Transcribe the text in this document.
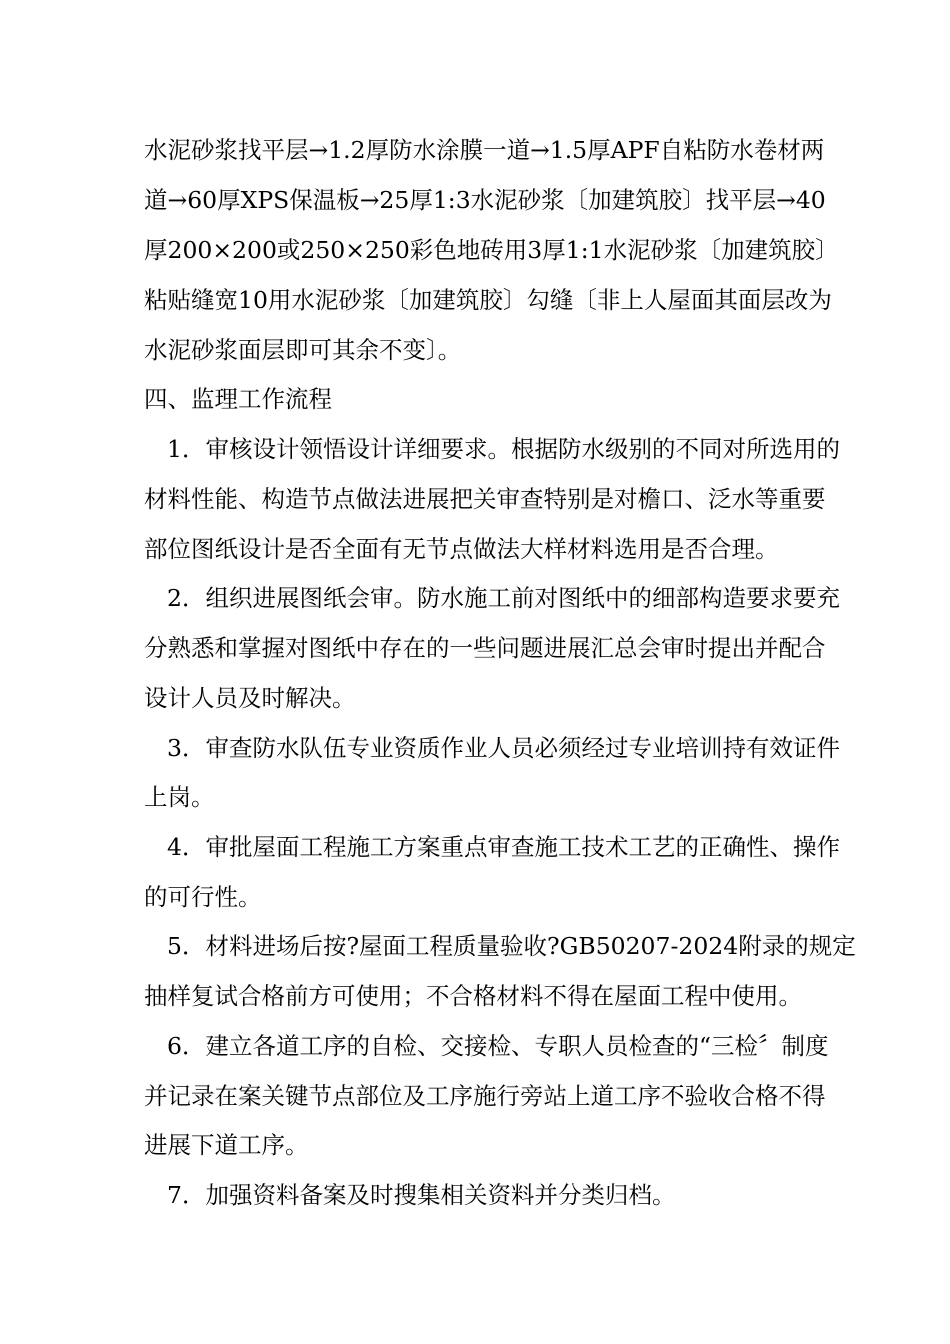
水泥砂浆找平层→1.2厚防水涂膜一道→1.5厚APF自粘防水卷材两
道→60厚XPS保温板→25厚1:3水泥砂浆〔加建筑胶〕找平层→40
厚200×200或250×250彩色地砖用3厚1:1水泥砂浆〔加建筑胶〕
粘贴缝宽10用水泥砂浆〔加建筑胶〕勾缝〔非上人屋面其面层改为
水泥砂浆面层即可其余不变〕。
四、监理工作流程
1．审核设计领悟设计详细要求。根据防水级别的不同对所选用的
材料性能、构造节点做法进展把关审查特别是对檐口、泛水等重要
部位图纸设计是否全面有无节点做法大样材料选用是否合理。
2．组织进展图纸会审。防水施工前对图纸中的细部构造要求要充
分熟悉和掌握对图纸中存在的一些问题进展汇总会审时提出并配合
设计人员及时解决。
3．审查防水队伍专业资质作业人员必须经过专业培训持有效证件
上岗。
4．审批屋面工程施工方案重点审查施工技术工艺的正确性、操作
的可行性。
5．材料进场后按?屋面工程质量验收?GB50207-2024附录的规定
抽样复试合格前方可使用；不合格材料不得在屋面工程中使用。
6．建立各道工序的自检、交接检、专职人员检查的“三检〞制度
并记录在案关键节点部位及工序施行旁站上道工序不验收合格不得
进展下道工序。
7．加强资料备案及时搜集相关资料并分类归档。
